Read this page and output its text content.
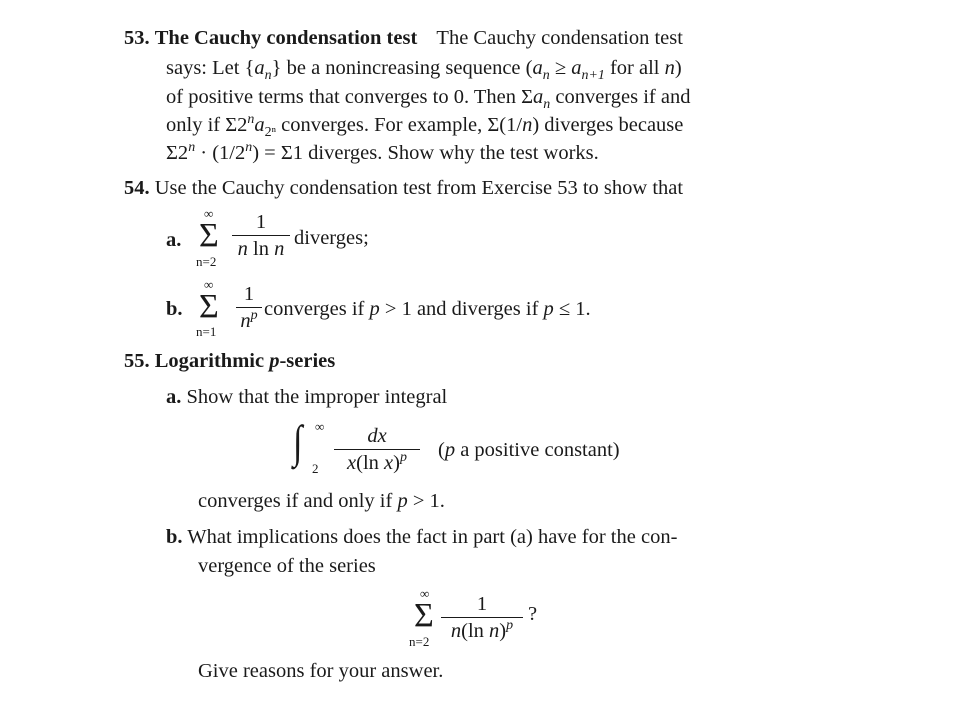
53. The Cauchy condensation test The Cauchy condensation test
says: Let $\{a_n\}$ be a nonincreasing sequence ($a_n \ge a_{n+1}$ for all n)
of positive terms that converges to 0. Then $\Sigma a_n$ converges if and
only if $\Sigma 2^na_{2^n}$ converges. For example, Σ(1/n) diverges because
$\Sigma 2^n \cdot (1/2^n) = \Sigma 1$ diverges. Show why the test works.
54. Use the Cauchy condensation test from Exercise 53 to show that
a.
∞
Σ
n=2
1
n ln n diverges;
b.
∞
Σ
n=1
1
$n^p$ converges if p > 1 and diverges if p ≤ 1.
55. Logarithmic p-series
a. Show that the improper integral
∫ ∞
2
dx
x(ln x)$^p$	(p a positive constant)
converges if and only if p > 1.
b. What implications does the fact in part (a) have for the con-
vergence of the series
∞
Σ
n=2
1
n(ln n)$^p$
?
Give reasons for your answer.
